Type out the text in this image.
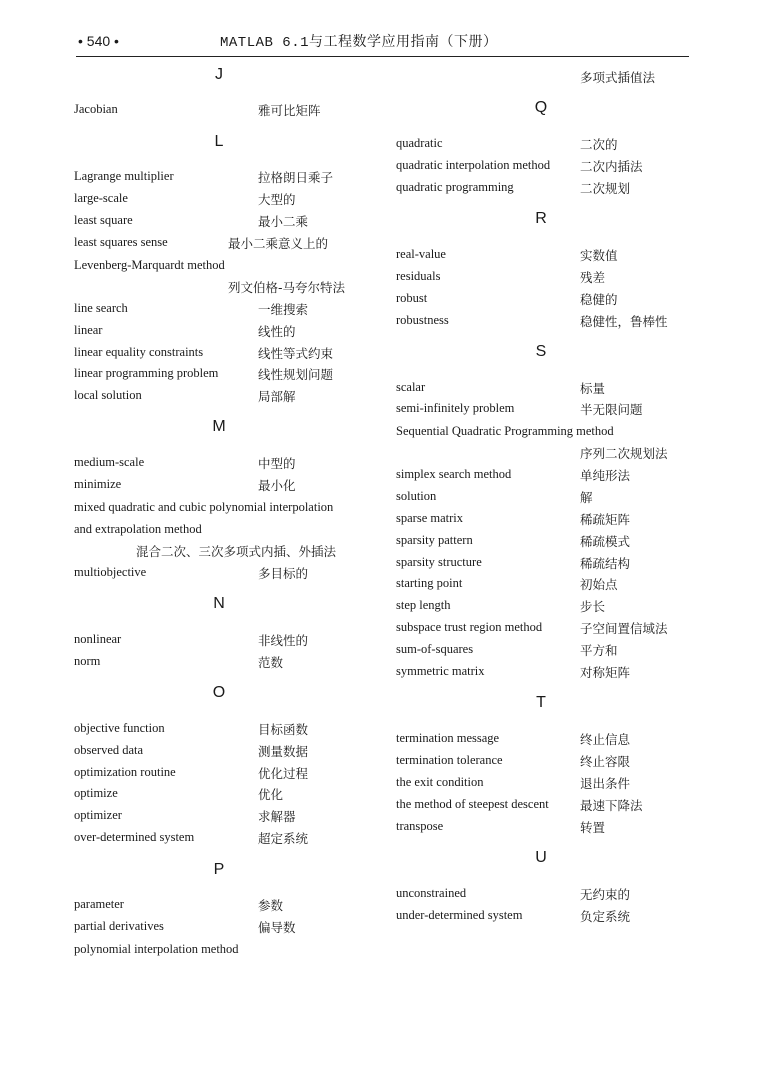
• 540 •	MATLAB 6.1与工程数学应用指南（下册）
J
Jacobian	雅可比矩阵
L
Lagrange multiplier	拉格朗日乘子
large-scale	大型的
least square	最小二乘
least squares sense	最小二乘意义上的
Levenberg-Marquardt method
列文伯格-马夸尔特法
line search	一维搜索
linear	线性的
linear equality constraints	线性等式约束
linear programming problem	线性规划问题
local solution	局部解
M
medium-scale	中型的
minimize	最小化
mixed quadratic and cubic polynomial interpolation
and extrapolation method
混合二次、三次多项式内插、外插法
multiobjective	多目标的
N
nonlinear	非线性的
norm	范数
O
objective function	目标函数
observed data	测量数据
optimization routine	优化过程
optimize	优化
optimizer	求解器
over-determined system	超定系统
P
parameter	参数
partial derivatives	偏导数
polynomial interpolation method
多项式插值法
Q
quadratic	二次的
quadratic interpolation method 二次内插法
quadratic programming	二次规划
R
real-value	实数值
residuals	残差
robust	稳健的
robustness	稳健性，鲁棒性
S
scalar	标量
semi-infinitely problem	半无限问题
Sequential Quadratic Programming method
序列二次规划法
simplex search method	单纯形法
solution	解
sparse matrix	稀疏矩阵
sparsity pattern	稀疏模式
sparsity structure	稀疏结构
starting point	初始点
step length	步长
subspace trust region method	子空间置信域法
sum-of-squares	平方和
symmetric matrix	对称矩阵
T
termination message	终止信息
termination tolerance	终止容限
the exit condition	退出条件
the method of steepest descent	最速下降法
transpose	转置
U
unconstrained	无约束的
under-determined system	负定系统
